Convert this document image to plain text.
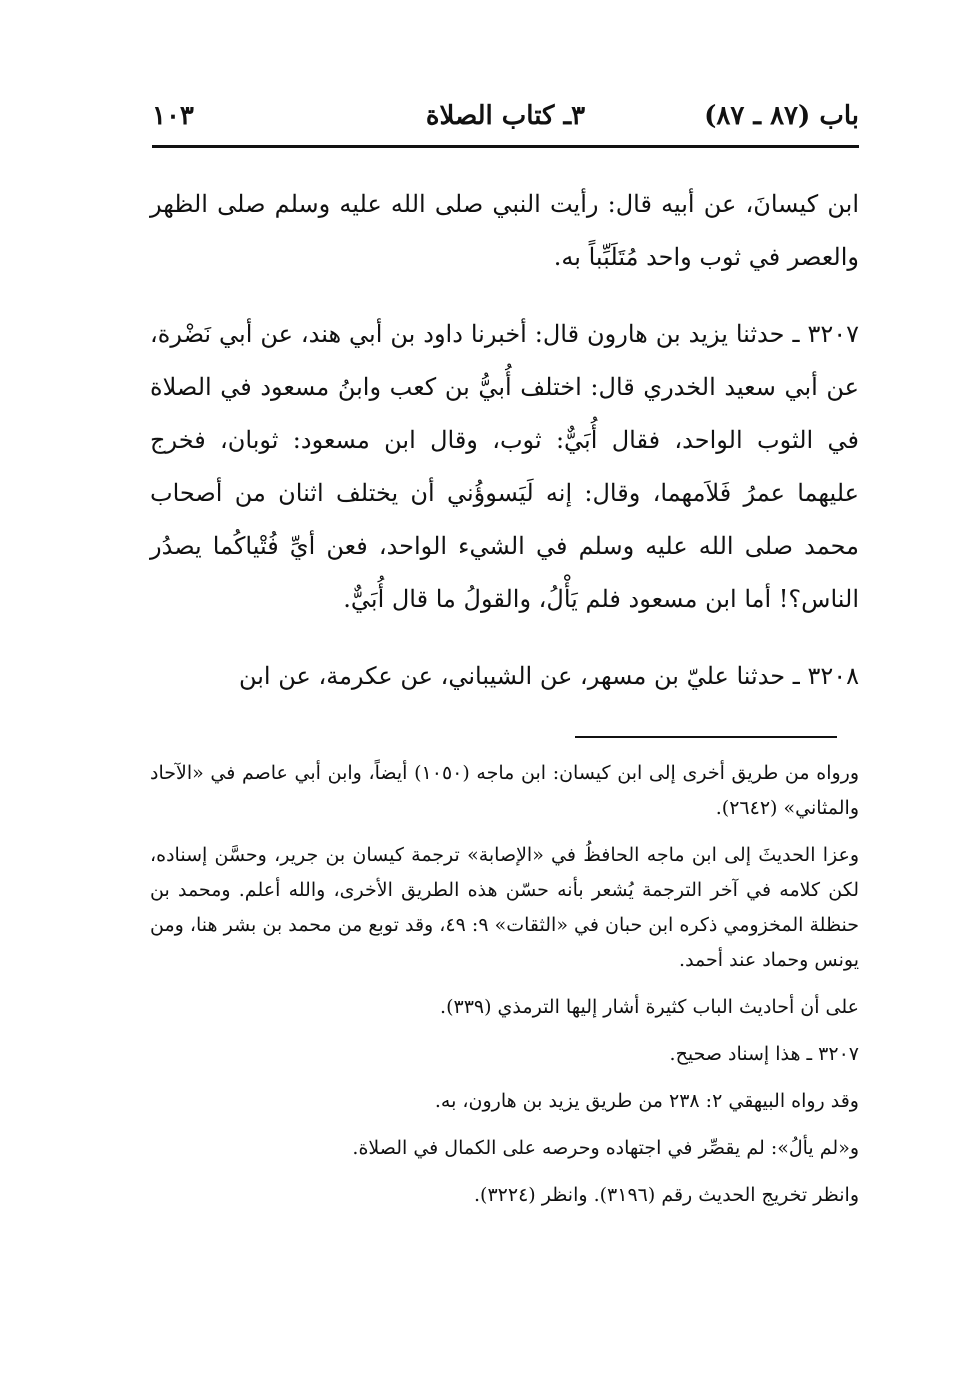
باب (٨٧ ـ ٨٧)
٣ـ كتاب الصلاة
١٠٣

ابن كيسانَ، عن أبيه قال: رأيت النبي صلى الله عليه وسلم صلى الظهر والعصر في ثوب واحد مُتَلَبِّباً به.

٣٢٠٧ ـ حدثنا يزيد بن هارون قال: أخبرنا داود بن أبي هند، عن أبي نَضْرة، عن أبي سعيد الخدري قال: اختلف أُبيُّ بن كعب وابنُ مسعود في الصلاة في الثوب الواحد، فقال أُبَيٌّ: ثوب، وقال ابن مسعود: ثوبان، فخرج عليهما عمرُ فَلاَمهما، وقال: إنه لَيَسوؤُني أن يختلف اثنان من أصحاب محمد صلى الله عليه وسلم في الشيء الواحد، فعن أيِّ فُتْياكُما يصدُر الناس؟! أما ابن مسعود فلم يَأْلُ، والقولُ ما قال أُبَيٌّ.

٣٢٠٨ ـ حدثنا عليّ بن مسهر، عن الشيباني، عن عكرمة، عن ابن

ورواه من طريق أخرى إلى ابن كيسان: ابن ماجه (١٠٥٠) أيضاً، وابن أبي عاصم في «الآحاد والمثاني» (٢٦٤٢).

وعزا الحديثَ إلى ابن ماجه الحافظُ في «الإصابة» ترجمة كيسان بن جرير، وحسَّن إسناده، لكن كلامه في آخر الترجمة يُشعر بأنه حسّن هذه الطريق الأخرى، والله أعلم. ومحمد بن حنظلة المخزومي ذكره ابن حبان في «الثقات» ٩: ٤٩، وقد توبع من محمد بن بشر هنا، ومن يونس وحماد عند أحمد.

على أن أحاديث الباب كثيرة أشار إليها الترمذي (٣٣٩).

٣٢٠٧ ـ هذا إسناد صحيح.

وقد رواه البيهقي ٢: ٢٣٨ من طريق يزيد بن هارون، به.

و«لم يألُ»: لم يقصِّر في اجتهاده وحرصه على الكمال في الصلاة.

وانظر تخريج الحديث رقم (٣١٩٦). وانظر (٣٢٢٤).
